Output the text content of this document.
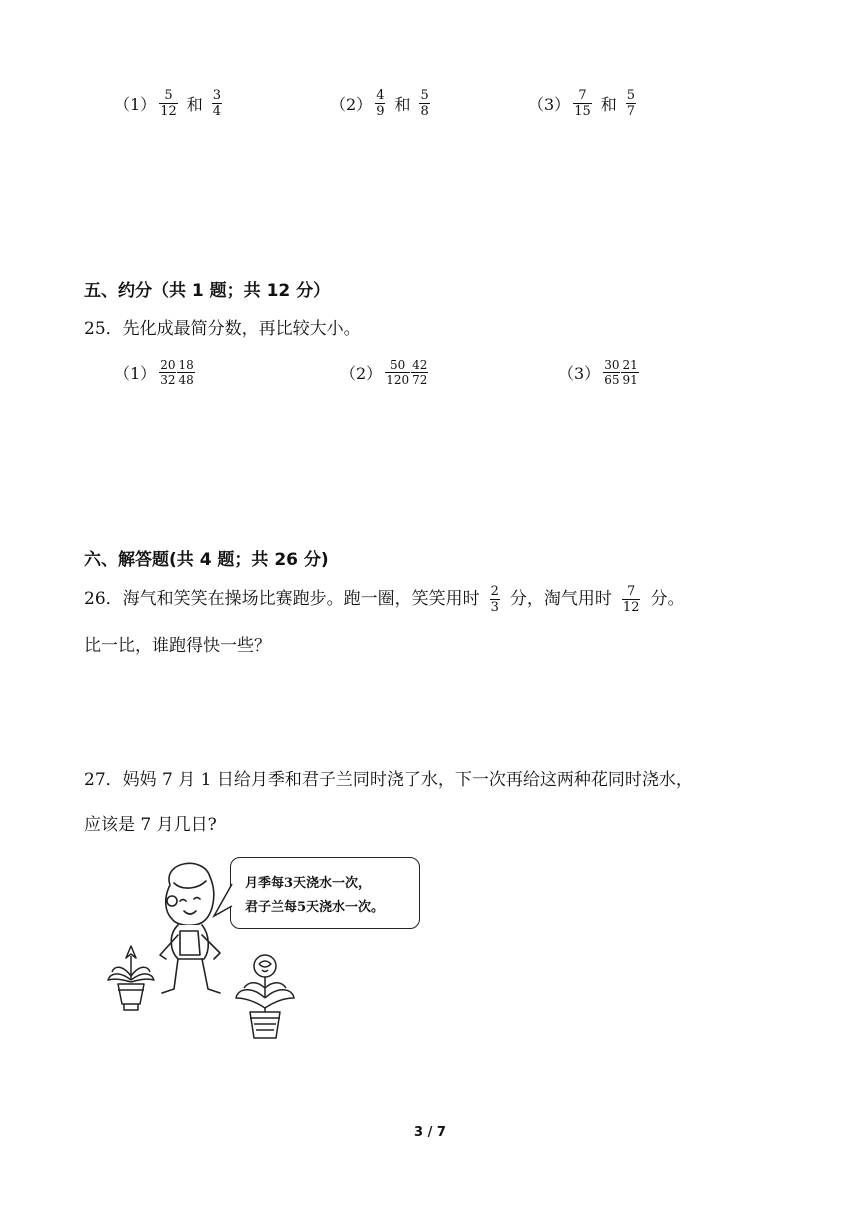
$(1) \frac{5}{12}$ 和 $\frac{3}{4}$	$(2) \frac{4}{9}$ 和 $\frac{5}{8}$	$(3) \frac{7}{15}$ 和 $\frac{5}{7}$
五、约分（共 1 题；共 12 分）
25．先化成最简分数，再比较大小。
$(1) \frac{20}{32} \frac{18}{48}$	$(2) \frac{50}{120} \frac{42}{72}$	$(3) \frac{30}{65} \frac{21}{91}$
六、解答题(共 4 题；共 26 分)
26．海气和笑笑在操场比赛跑步。跑一圈，笑笑用时 $\frac{2}{3}$ 分，淘气用时 $\frac{7}{12}$ 分。
比一比，谁跑得快一些？
27．妈妈 7 月 1 日给月季和君子兰同时浇了水，下一次再给这两种花同时浇水，
应该是 7 月几日?
月季每3天浇水一次，
君子兰每5天浇水一次。
3 / 7
